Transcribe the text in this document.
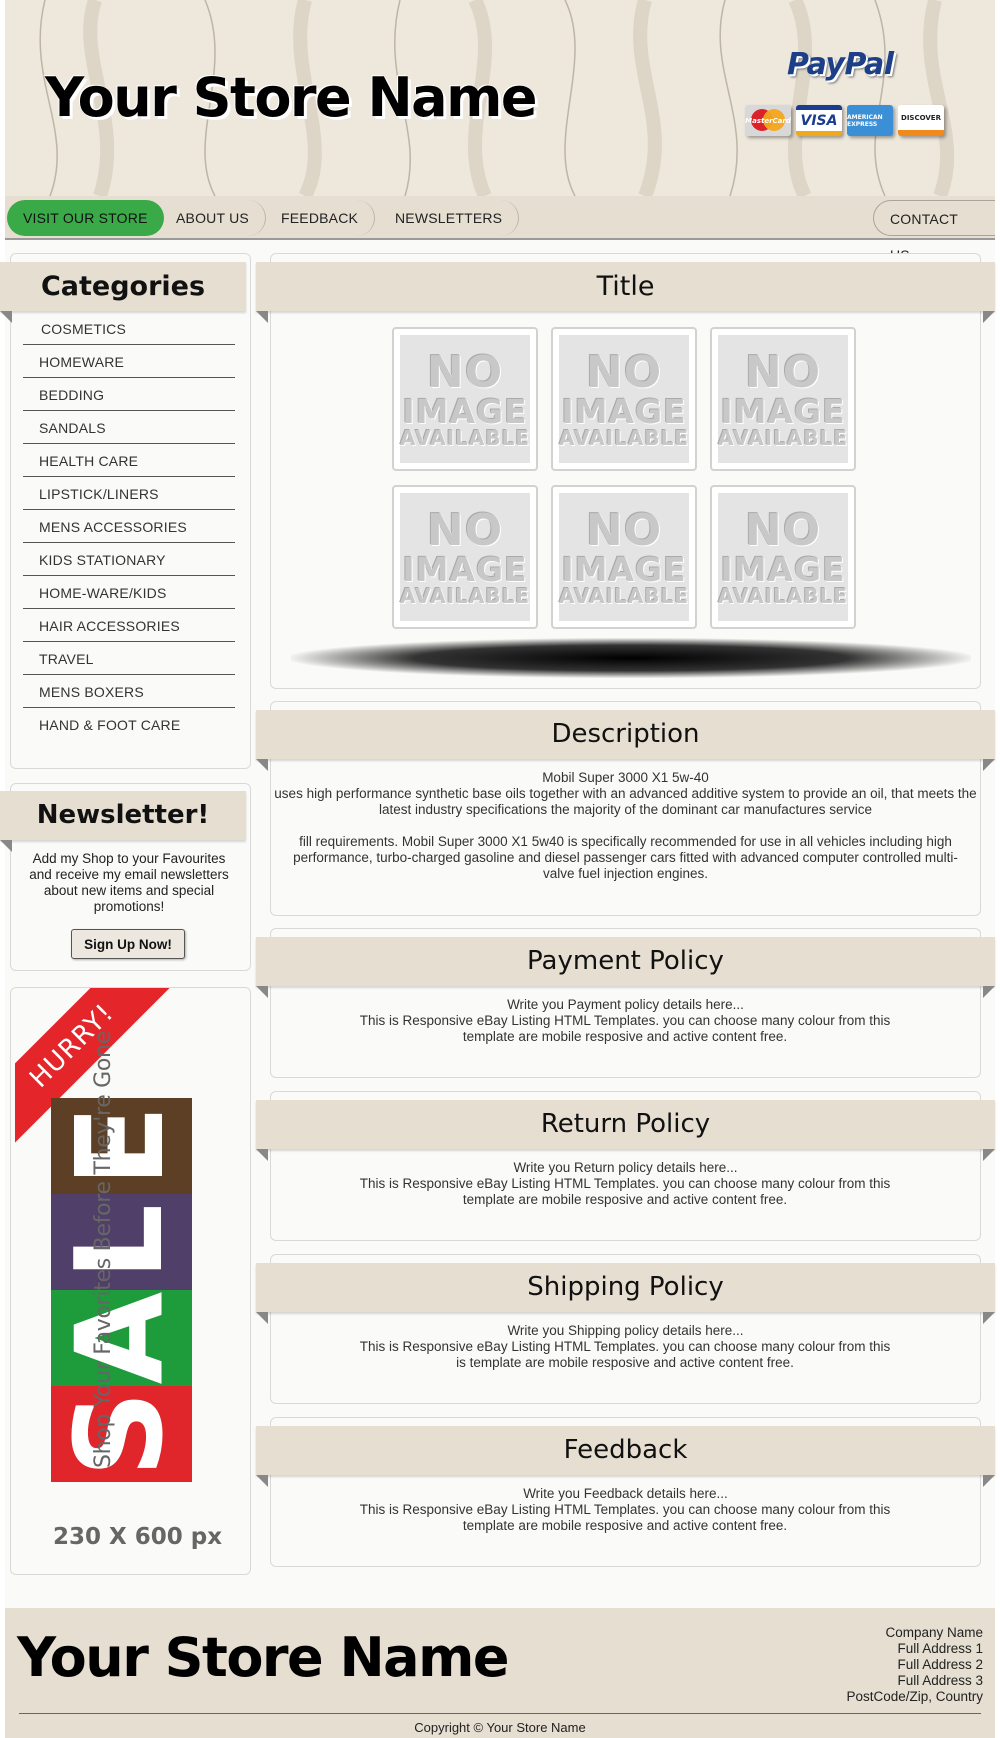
Your Store Name
PayPal
MasterCard VISA	AMERICAN EXPRESS
DISCOVER
VISIT OUR STORE	ABOUT US	FEEDBACK	NEWSLETTERS	CONTACT
Categories
COSMETICS
HOMEWARE
BEDDING
SANDALS
HEALTH CARE
LIPSTICK/LINERS
MENS ACCESSORIES
KIDS STATIONARY
HOME-WARE/KIDS
HAIR ACCESSORIES
TRAVEL
MENS BOXERS
HAND & FOOT CARE
Newsletter!
Add my Shop to your Favourites and receive my email newsletters about new items and special promotions!
Sign Up Now!
HURRY!
E
L
A
S
Shop Your Favorites Before They're Gone
230 X 600 px
Title
NO
IMAGE
AVAILABLE
NO
IMAGE
AVAILABLE
NO
IMAGE
AVAILABLE
NO
IMAGE
AVAILABLE
NO
IMAGE
AVAILABLE
NO
IMAGE
AVAILABLE
Description
Mobil Super 3000 X1 5w-40
uses high performance synthetic base oils together with an advanced additive system to provide an oil, that meets the latest industry specifications the majority of the dominant car manufactures service
fill requirements. Mobil Super 3000 X1 5w40 is specifically recommended for use in all vehicles including high performance, turbo-charged gasoline and diesel passenger cars fitted with advanced computer controlled multi-valve fuel injection engines.
Payment Policy
Write you Payment policy details here...
This is Responsive eBay Listing HTML Templates. you can choose many colour from this template are mobile resposive and active content free.
Return Policy
Write you Return policy details here...
This is Responsive eBay Listing HTML Templates. you can choose many colour from this template are mobile resposive and active content free.
Shipping Policy
Write you Shipping policy details here...
This is Responsive eBay Listing HTML Templates. you can choose many colour from this is template are mobile resposive and active content free.
Feedback
Write you Feedback details here...
This is Responsive eBay Listing HTML Templates. you can choose many colour from this template are mobile resposive and active content free.
Your Store Name	Company Name
Full Address 1
Full Address 2
Full Address 3
PostCode/Zip, Country
Copyright © Your Store Name
